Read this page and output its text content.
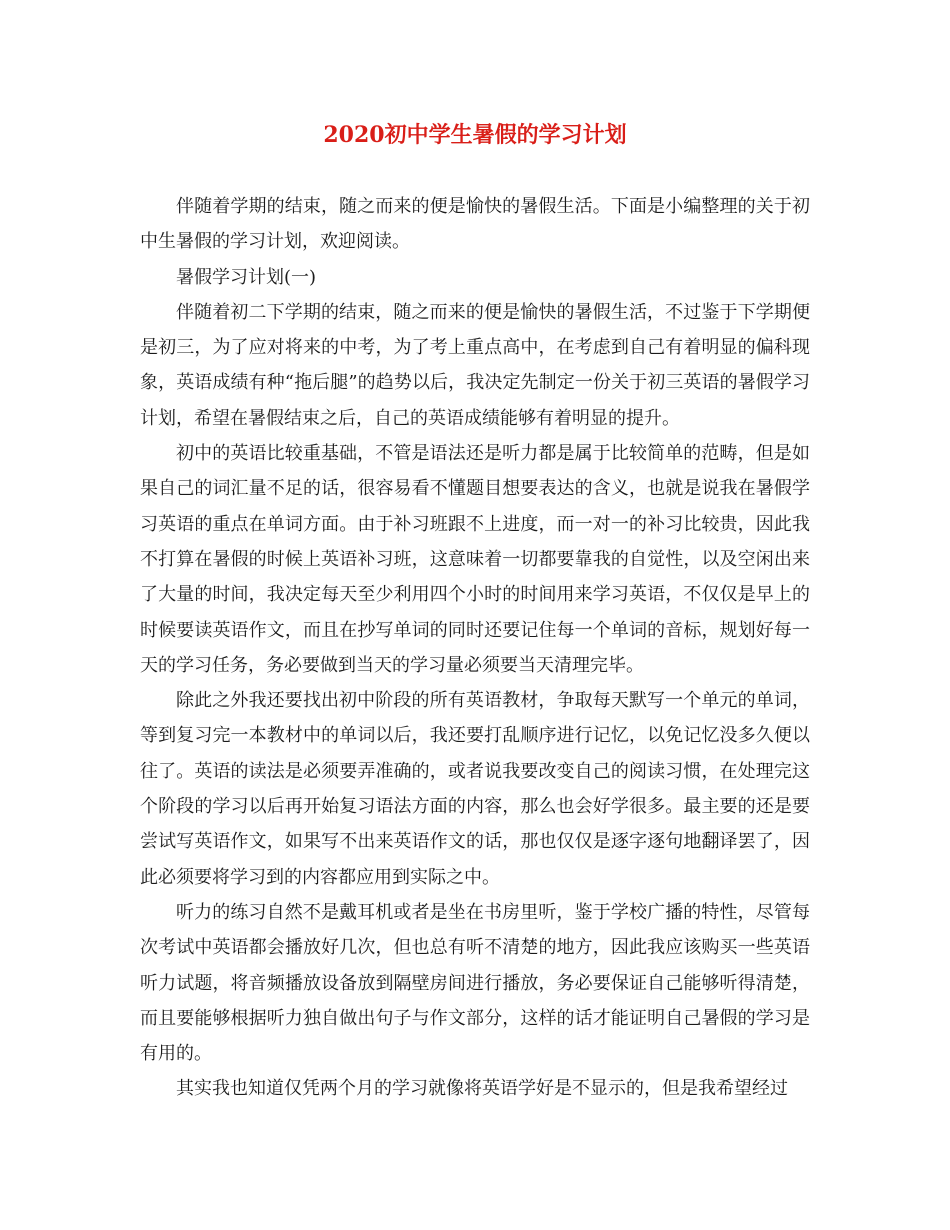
2020初中学生暑假的学习计划

伴随着学期的结束，随之而来的便是愉快的暑假生活。下面是小编整理的关于初中生暑假的学习计划，欢迎阅读。

暑假学习计划(一)

伴随着初二下学期的结束，随之而来的便是愉快的暑假生活，不过鉴于下学期便是初三，为了应对将来的中考，为了考上重点高中，在考虑到自己有着明显的偏科现象，英语成绩有种“拖后腿”的趋势以后，我决定先制定一份关于初三英语的暑假学习计划，希望在暑假结束之后，自己的英语成绩能够有着明显的提升。

初中的英语比较重基础，不管是语法还是听力都是属于比较简单的范畴，但是如果自己的词汇量不足的话，很容易看不懂题目想要表达的含义，也就是说我在暑假学习英语的重点在单词方面。由于补习班跟不上进度，而一对一的补习比较贵，因此我不打算在暑假的时候上英语补习班，这意味着一切都要靠我的自觉性，以及空闲出来了大量的时间，我决定每天至少利用四个小时的时间用来学习英语，不仅仅是早上的时候要读英语作文，而且在抄写单词的同时还要记住每一个单词的音标，规划好每一天的学习任务，务必要做到当天的学习量必须要当天清理完毕。

除此之外我还要找出初中阶段的所有英语教材，争取每天默写一个单元的单词，等到复习完一本教材中的单词以后，我还要打乱顺序进行记忆，以免记忆没多久便以往了。英语的读法是必须要弄准确的，或者说我要改变自己的阅读习惯，在处理完这个阶段的学习以后再开始复习语法方面的内容，那么也会好学很多。最主要的还是要尝试写英语作文，如果写不出来英语作文的话，那也仅仅是逐字逐句地翻译罢了，因此必须要将学习到的内容都应用到实际之中。

听力的练习自然不是戴耳机或者是坐在书房里听，鉴于学校广播的特性，尽管每次考试中英语都会播放好几次，但也总有听不清楚的地方，因此我应该购买一些英语听力试题，将音频播放设备放到隔壁房间进行播放，务必要保证自己能够听得清楚，而且要能够根据听力独自做出句子与作文部分，这样的话才能证明自己暑假的学习是有用的。

其实我也知道仅凭两个月的学习就像将英语学好是不显示的，但是我希望经过
